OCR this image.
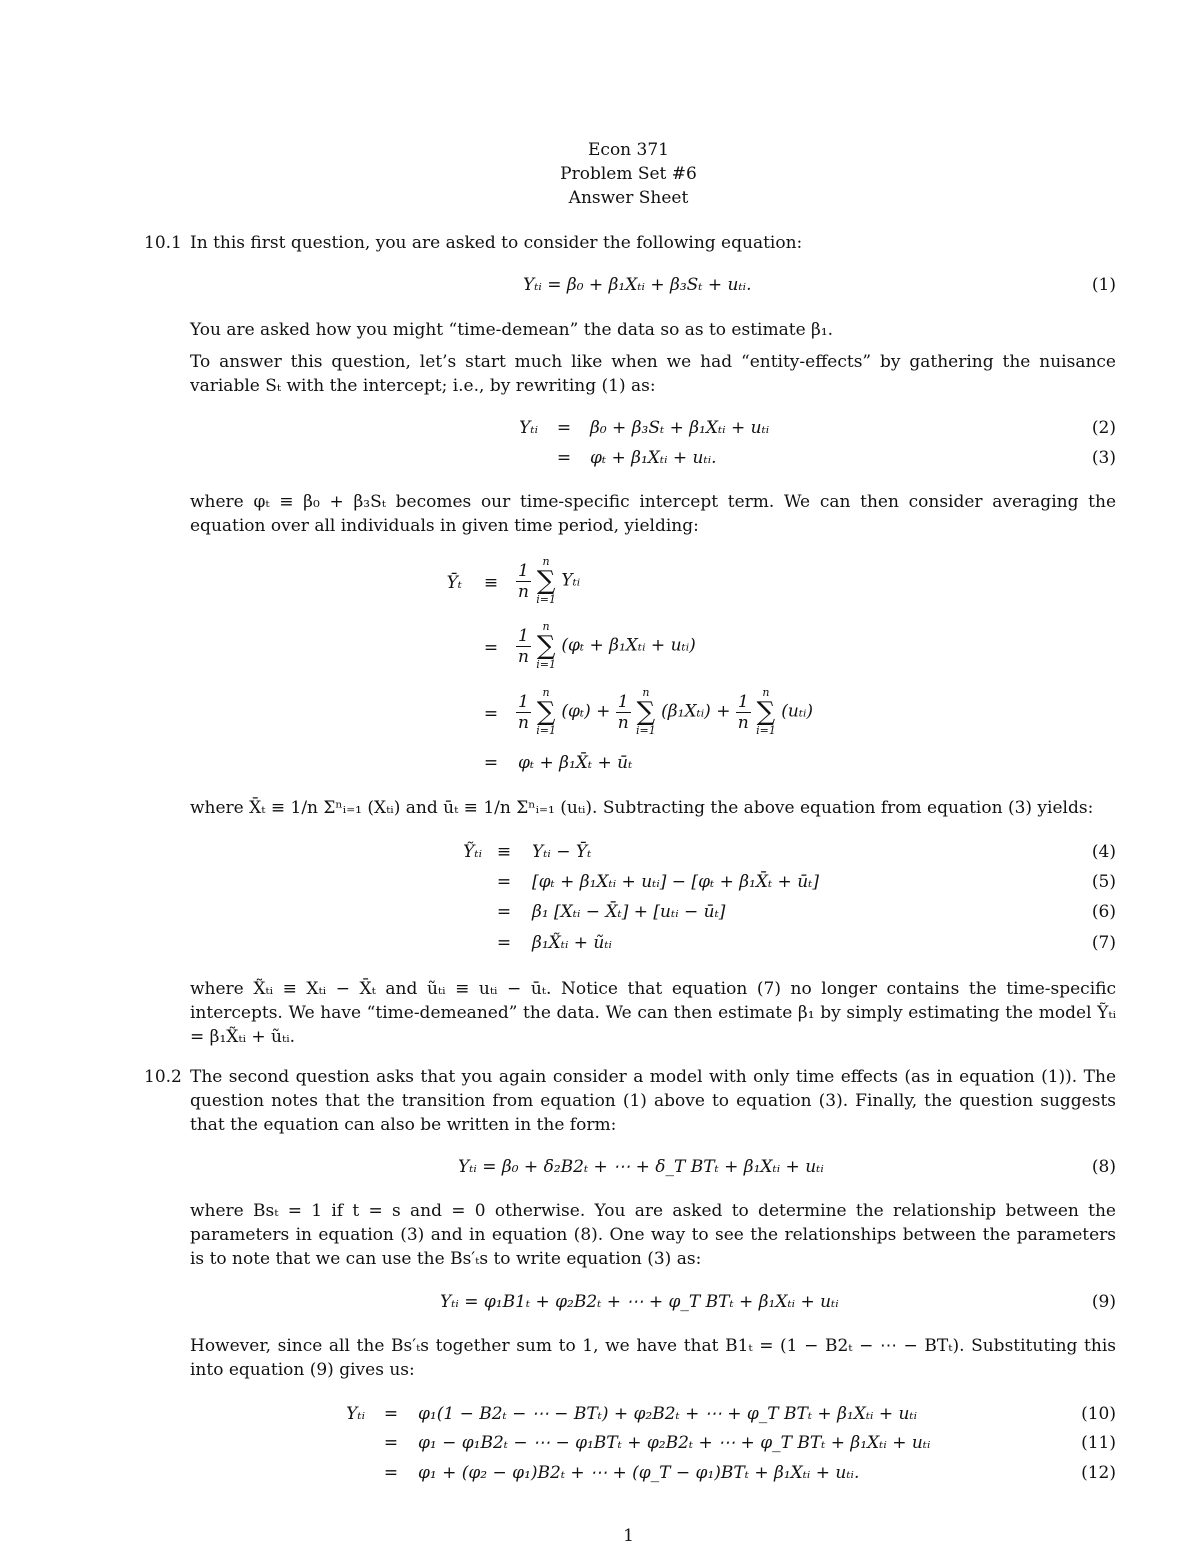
Econ 371
Problem Set #6
Answer Sheet
10.1 In this first question, you are asked to consider the following equation:
Yₜᵢ = β₀ + β₁Xₜᵢ + β₃Sₜ + uₜᵢ.	(1)
You are asked how you might “time-demean” the data so as to estimate β₁.
To answer this question, let’s start much like when we had “entity-effects” by gathering the nuisance variable Sₜ with the intercept; i.e., by rewriting (1) as:
Yₜᵢ	=	β₀ + β₃Sₜ + β₁Xₜᵢ + uₜᵢ	(2)
=	φₜ + β₁Xₜᵢ + uₜᵢ.	(3)
where φₜ ≡ β₀ + β₃Sₜ becomes our time-specific intercept term. We can then consider averaging the equation over all individuals in given time period, yielding:
Ȳₜ	≡	$\frac{1}{n}$
	n
∑
i=1
Yₜᵢ
=	$\frac{1}{n}$
	n
∑
i=1
(φₜ + β₁Xₜᵢ + uₜᵢ)
=	$\frac{1}{n}$
	n
∑
i=1
$(\varphi_t) + \frac{1}{n}$
	n
∑
i=1
(β₁Xₜᵢ) + $\frac{1}{n}$
	n
∑
i=1
(uₜᵢ)
=	φₜ + β₁X̄ₜ + ūₜ
where X̄ₜ ≡ 1/n Σⁿᵢ₌₁ (Xₜᵢ) and ūₜ ≡ 1/n Σⁿᵢ₌₁ (uₜᵢ). Subtracting the above equation from equation (3) yields:
Ỹₜᵢ ≡	Yₜᵢ − Ȳₜ	(4)
=	[φₜ + β₁Xₜᵢ + uₜᵢ] − [φₜ + β₁X̄ₜ + ūₜ]	(5)
=	β₁ [Xₜᵢ − X̄ₜ] + [uₜᵢ − ūₜ]	(6)
=	β₁X̃ₜᵢ + ũₜᵢ	(7)
where X̃ₜᵢ ≡ Xₜᵢ − X̄ₜ and ũₜᵢ ≡ uₜᵢ − ūₜ. Notice that equation (7) no longer contains the time-specific intercepts. We have “time-demeaned” the data. We can then estimate β₁ by simply estimating the model Ỹₜᵢ = β₁X̃ₜᵢ + ũₜᵢ.
10.2 The second question asks that you again consider a model with only time effects (as in equation (1)). The question notes that the transition from equation (1) above to equation (3). Finally, the question suggests that the equation can also be written in the form:
Yₜᵢ = β₀ + δ₂B2ₜ + ⋯ + δ_T BTₜ + β₁Xₜᵢ + uₜᵢ	(8)
where Bsₜ = 1 if t = s and = 0 otherwise. You are asked to determine the relationship between the parameters in equation (3) and in equation (8). One way to see the relationships between the parameters is to note that we can use the Bs′ₜs to write equation (3) as:
Yₜᵢ = φ₁B1ₜ + φ₂B2ₜ + ⋯ + φ_T BTₜ + β₁Xₜᵢ + uₜᵢ	(9)
However, since all the Bs′ₜs together sum to 1, we have that B1ₜ = (1 − B2ₜ − ⋯ − BTₜ). Substituting this into equation (9) gives us:
Yₜᵢ	=	φ₁(1 − B2ₜ − ⋯ − BTₜ) + φ₂B2ₜ + ⋯ + φ_T BTₜ + β₁Xₜᵢ + uₜᵢ	(10)
=	φ₁ − φ₁B2ₜ − ⋯ − φ₁BTₜ + φ₂B2ₜ + ⋯ + φ_T BTₜ + β₁Xₜᵢ + uₜᵢ	(11)
=	φ₁ + (φ₂ − φ₁)B2ₜ + ⋯ + (φ_T − φ₁)BTₜ + β₁Xₜᵢ + uₜᵢ.	(12)
1
